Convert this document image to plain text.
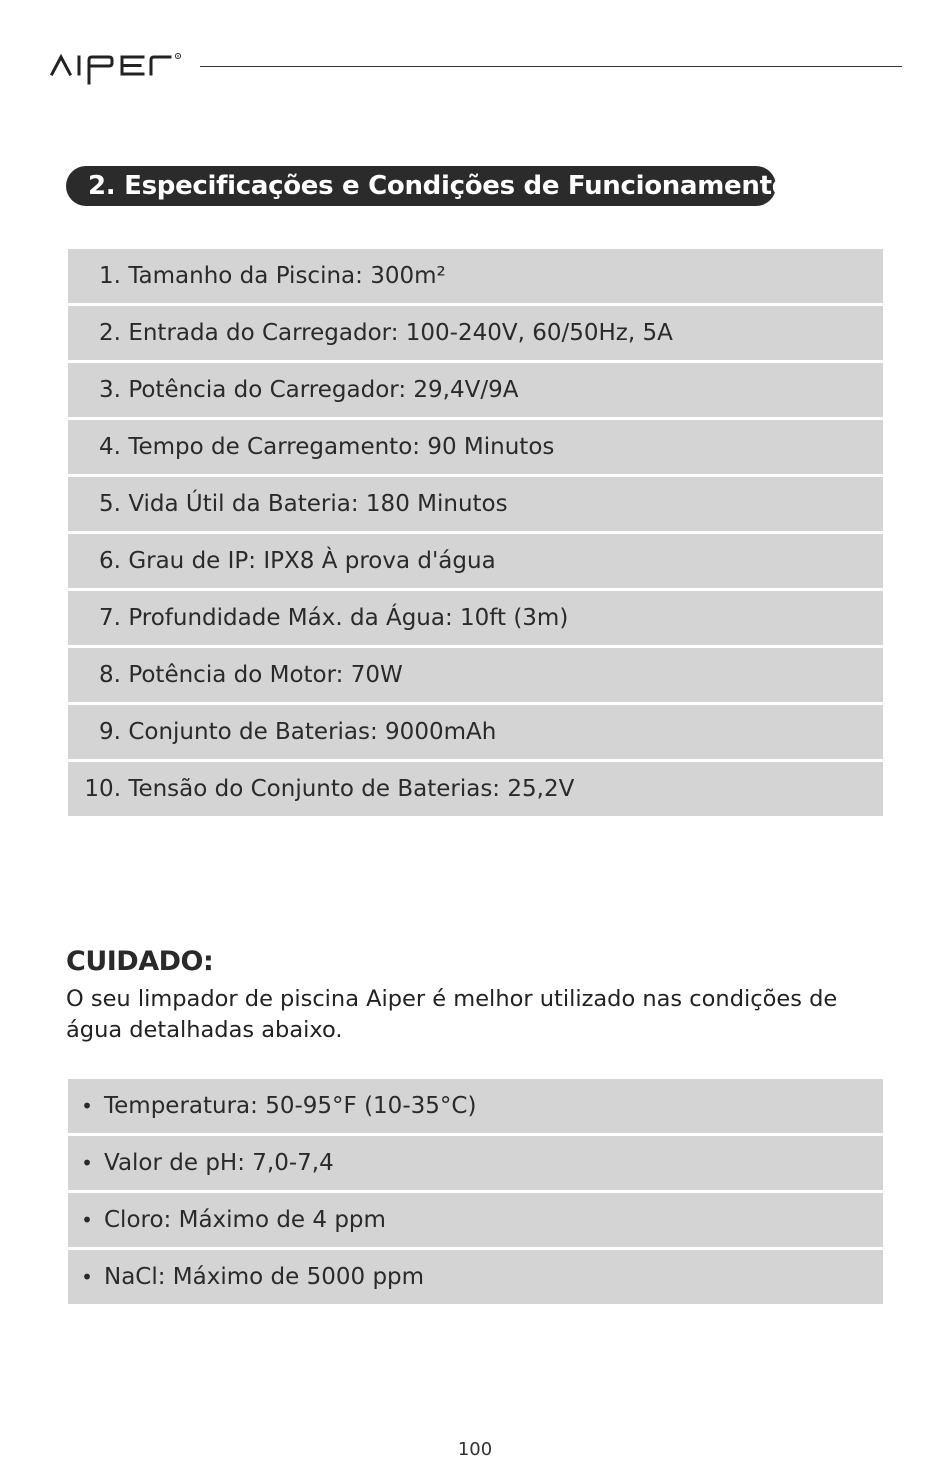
R
2. Especificações e Condições de Funcionamento
1.
Tamanho da Piscina: 300m²
2.
Entrada do Carregador: 100-240V, 60/50Hz, 5A
3.
Potência do Carregador: 29,4V/9A
4.
Tempo de Carregamento: 90 Minutos
5.
Vida Útil da Bateria: 180 Minutos
6.
Grau de IP: IPX8 À prova d'água
7.
Profundidade Máx. da Água: 10ft (3m)
8.
Potência do Motor: 70W
9.
Conjunto de Baterias: 9000mAh
10.
Tensão do Conjunto de Baterias: 25,2V
CUIDADO:
O seu limpador de piscina Aiper é melhor utilizado nas condições de água detalhadas abaixo.
• Temperatura: 50-95°F (10-35°C)
• Valor de pH: 7,0-7,4
• Cloro: Máximo de 4 ppm
• NaCl: Máximo de 5000 ppm
100
